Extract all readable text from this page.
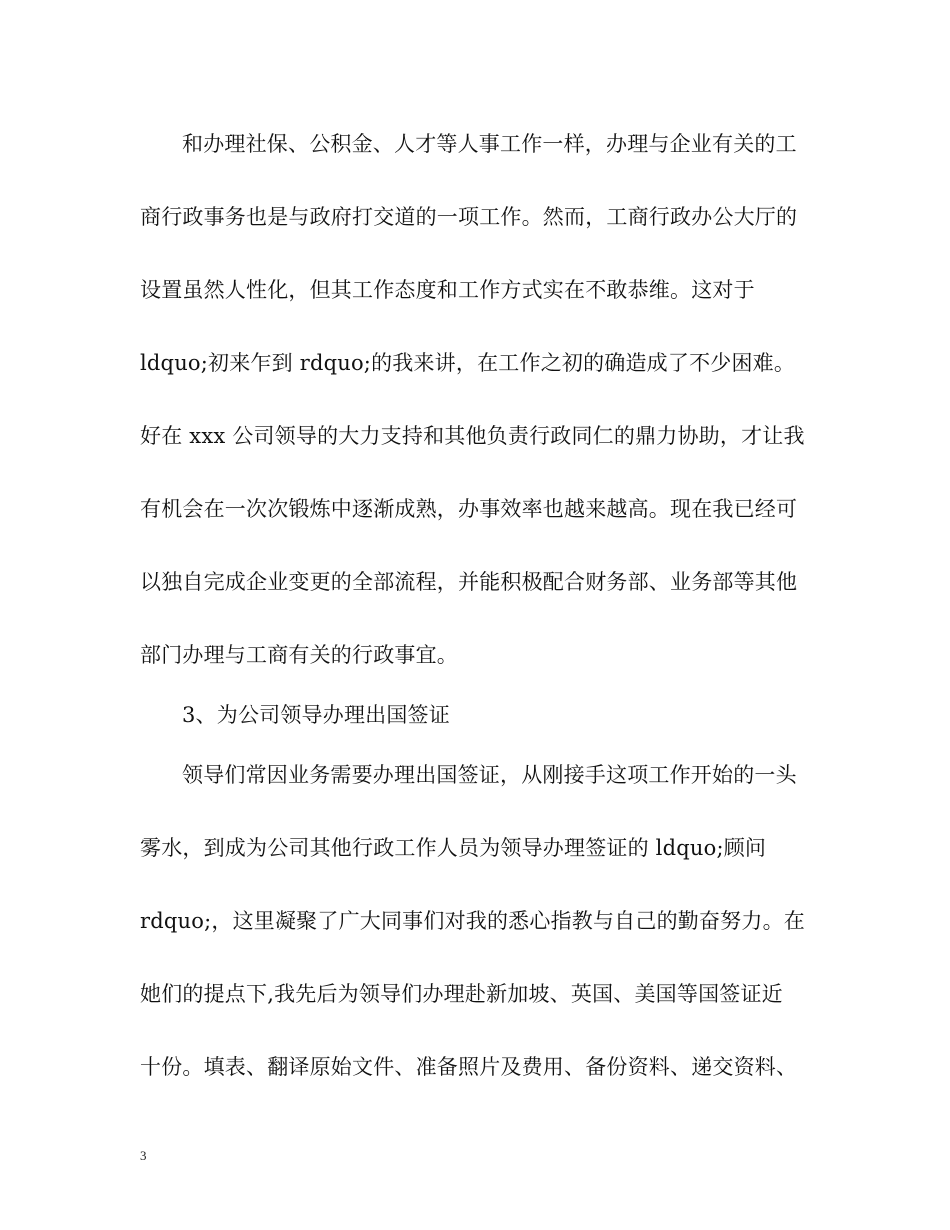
和办理社保、公积金、人才等人事工作一样，办理与企业有关的工
商行政事务也是与政府打交道的一项工作。然而，工商行政办公大厅的
设置虽然人性化，但其工作态度和工作方式实在不敢恭维。这对于
ldquo;初来乍到 rdquo;的我来讲，在工作之初的确造成了不少困难。
好在 xxx 公司领导的大力支持和其他负责行政同仁的鼎力协助，才让我
有机会在一次次锻炼中逐渐成熟，办事效率也越来越高。现在我已经可
以独自完成企业变更的全部流程，并能积极配合财务部、业务部等其他
部门办理与工商有关的行政事宜。
3、为公司领导办理出国签证
领导们常因业务需要办理出国签证，从刚接手这项工作开始的一头
雾水，到成为公司其他行政工作人员为领导办理签证的 ldquo;顾问
rdquo;，这里凝聚了广大同事们对我的悉心指教与自己的勤奋努力。在
她们的提点下,我先后为领导们办理赴新加坡、英国、美国等国签证近
十份。填表、翻译原始文件、准备照片及费用、备份资料、递交资料、
3
